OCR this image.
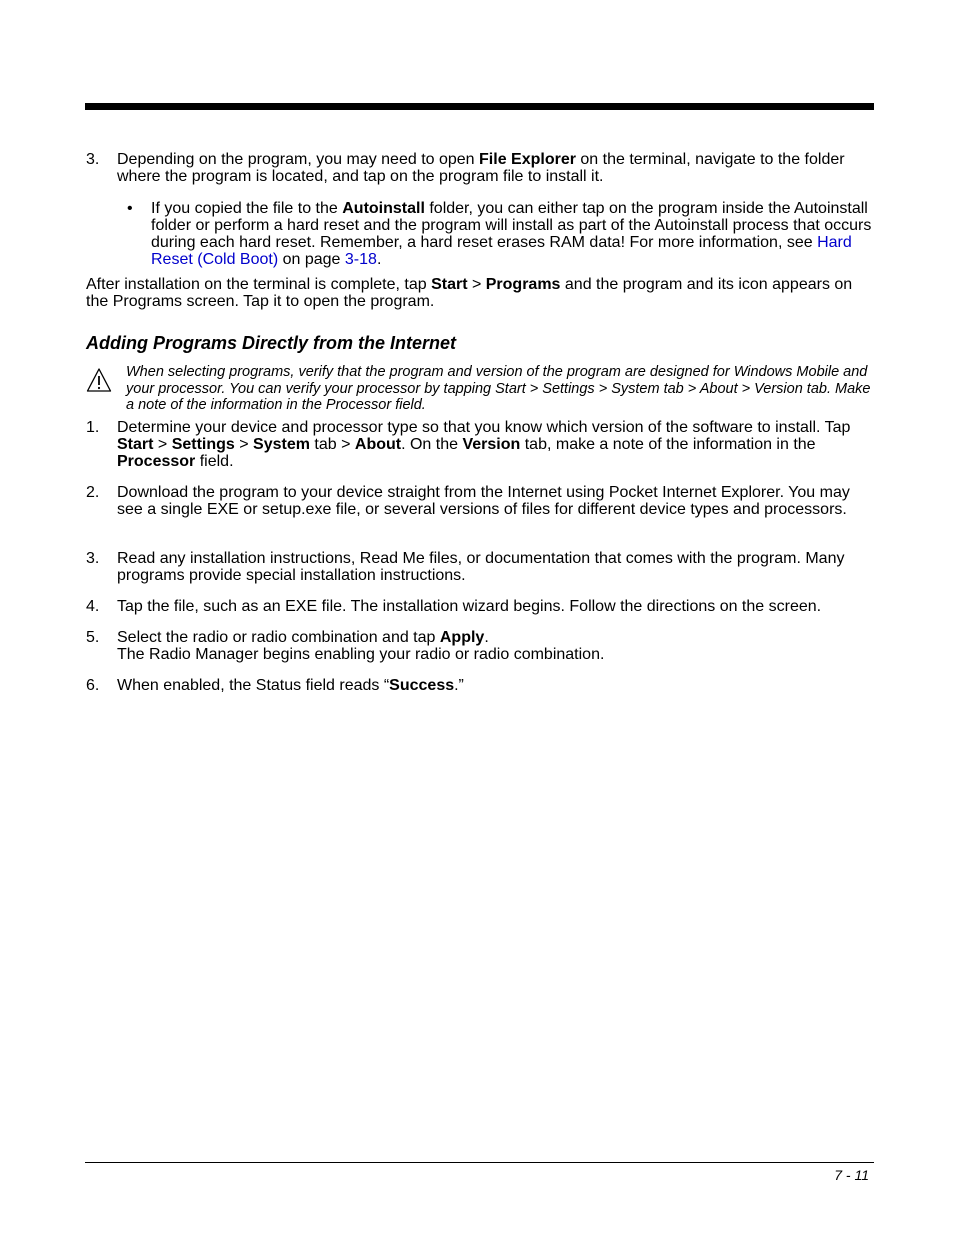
3. Depending on the program, you may need to open File Explorer on the terminal, navigate to the folder where the program is located, and tap on the program file to install it.
• If you copied the file to the Autoinstall folder, you can either tap on the program inside the Autoinstall folder or perform a hard reset and the program will install as part of the Autoinstall process that occurs during each hard reset. Remember, a hard reset erases RAM data! For more information, see Hard Reset (Cold Boot) on page 3-18.

After installation on the terminal is complete, tap Start > Programs and the program and its icon appears on the Programs screen. Tap it to open the program.

Adding Programs Directly from the Internet
When selecting programs, verify that the program and version of the program are designed for Windows Mobile and your processor. You can verify your processor by tapping Start > Settings > System tab > About > Version tab. Make a note of the information in the Processor field.
1. Determine your device and processor type so that you know which version of the software to install. Tap Start > Settings > System tab > About. On the Version tab, make a note of the information in the Processor field.
2. Download the program to your device straight from the Internet using Pocket Internet Explorer. You may see a single EXE or setup.exe file, or several versions of files for different device types and processors.
3. Read any installation instructions, Read Me files, or documentation that comes with the program. Many programs provide special installation instructions.
4. Tap the file, such as an EXE file. The installation wizard begins. Follow the directions on the screen.
5. Select the radio or radio combination and tap Apply.
The Radio Manager begins enabling your radio or radio combination.
6. When enabled, the Status field reads “Success.”
7 - 11
